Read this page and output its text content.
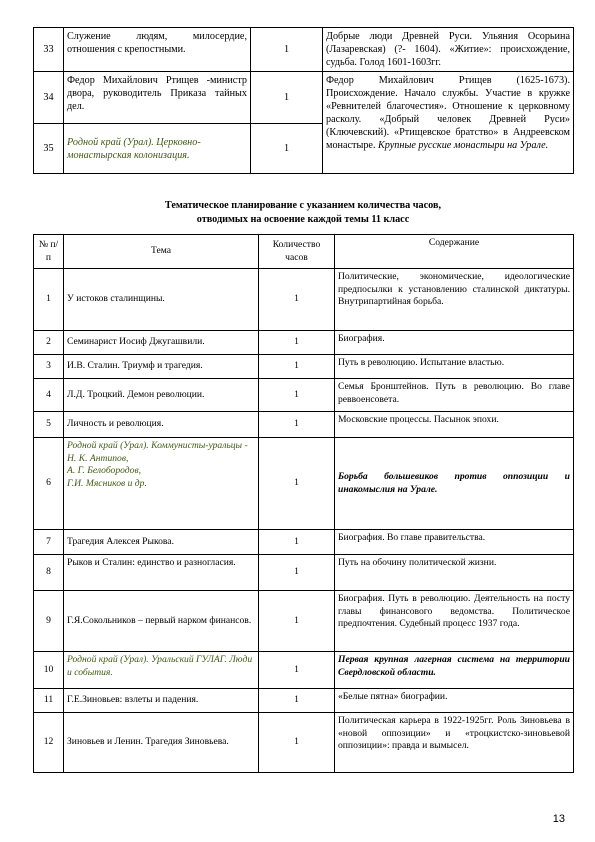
33	Служение людям, милосердие, отношения с крепостными.	1	Добрые люди Древней Руси. Ульяния Осорьина (Лазаревская) (?- 1604). «Житие»: происхождение, судьба. Голод 1601-1603гг.
34	Федор Михайлович Ртищев -министр двора, руководитель Приказа тайных дел.	1	Федор Михайлович Ртищев (1625-1673). Происхождение. Начало службы. Участие в кружке «Ревнителей благочестия». Отношение к церковному расколу. «Добрый человек Древней Руси» (Ключевский). «Ртищевское братство» в Андреевском монастыре. Крупные русские монастыри на Урале.
35	Родной край (Урал). Церковно-монастырская колонизация.	1	
Тематическое планирование с указанием количества часов,
отводимых на освоение каждой темы 11 класс
№ п/п	Тема	Количество часов	Содержание
1	У истоков сталинщины.	1	Политические, экономические, идеологические предпосылки к установлению сталинской диктатуры. Внутрипартийная борьба.
2	Семинарист Иосиф Джугашвили.	1	Биография.
3	И.В. Сталин. Триумф и трагедия.	1	Путь в революцию. Испытание властью.
4	Л.Д. Троцкий. Демон революции.	1	Семья Бронштейнов. Путь в революцию. Во главе реввоенсовета.
5	Личность и революция.	1	Московские процессы. Пасынок эпохи.
6	Родной край (Урал). Коммунисты-уральцы -
Н. К. Антипов,
А. Г. Белобородов,
Г.И. Мясников и др.	1	Борьба большевиков против оппозиции и инакомыслия на Урале.
7	Трагедия Алексея Рыкова.	1	Биография. Во главе правительства.
8	Рыков и Сталин: единство и разногласия.	1	Путь на обочину политической жизни.
9	Г.Я.Сокольников – первый нарком финансов.	1	Биография. Путь в революцию. Деятельность на посту главы финансового ведомства. Политическое предпочтения. Судебный процесс 1937 года.
10	Родной край (Урал). Уральский ГУЛАГ. Люди и события.	1	Первая крупная лагерная система на территории Свердловской области.
11	Г.Е.Зиновьев: взлеты и падения.	1	«Белые пятна» биографии.
12	Зиновьев и Ленин. Трагедия Зиновьева.	1	Политическая карьера в 1922-1925гг. Роль Зиновьева в «новой оппозиции» и «троцкистско-зиновьевой оппозиции»: правда и вымысел.
13
